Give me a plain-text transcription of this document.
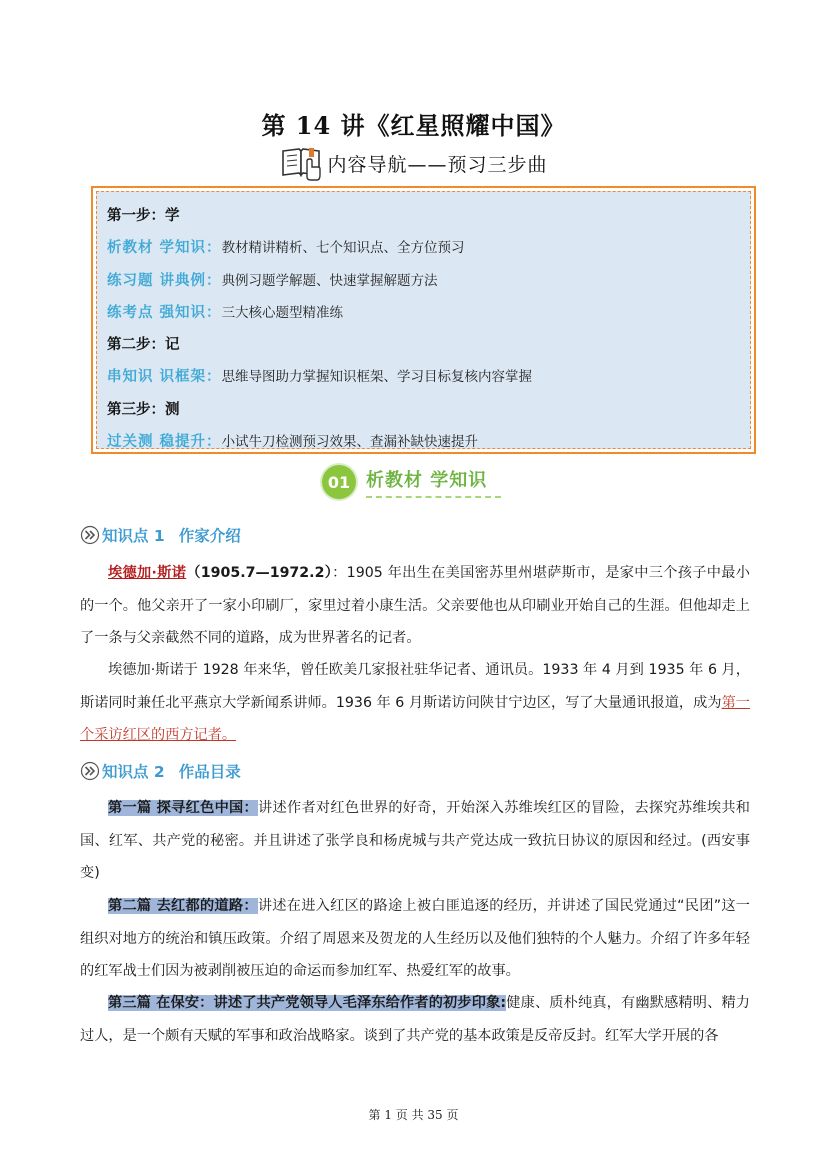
第 14 讲《红星照耀中国》
内容导航——预习三步曲
第一步：学
析教材 学知识：教材精讲精析、七个知识点、全方位预习
练习题 讲典例：典例习题学解题、快速掌握解题方法
练考点 强知识：三大核心题型精准练
第二步：记
串知识 识框架：思维导图助力掌握知识框架、学习目标复核内容掌握
第三步：测
过关测 稳提升：小试牛刀检测预习效果、查漏补缺快速提升
01 析教材 学知识
知识点 1 作家介绍
埃德加·斯诺（1905.7—1972.2）：1905 年出生在美国密苏里州堪萨斯市，是家中三个孩子中最小的一个。他父亲开了一家小印刷厂，家里过着小康生活。父亲要他也从印刷业开始自己的生涯。但他却走上了一条与父亲截然不同的道路，成为世界著名的记者。
埃德加·斯诺于 1928 年来华，曾任欧美几家报社驻华记者、通讯员。1933 年 4 月到 1935 年 6 月，斯诺同时兼任北平燕京大学新闻系讲师。1936 年 6 月斯诺访问陕甘宁边区，写了大量通讯报道，成为第一个采访红区的西方记者。
知识点 2 作品目录
第一篇 探寻红色中国：讲述作者对红色世界的好奇，开始深入苏维埃红区的冒险，去探究苏维埃共和国、红军、共产党的秘密。并且讲述了张学良和杨虎城与共产党达成一致抗日协议的原因和经过。(西安事变)
第二篇 去红都的道路：讲述在进入红区的路途上被白匪追逐的经历，并讲述了国民党通过“民团”这一组织对地方的统治和镇压政策。介绍了周恩来及贺龙的人生经历以及他们独特的个人魅力。介绍了许多年轻的红军战士们因为被剥削被压迫的命运而参加红军、热爱红军的故事。
第三篇 在保安：讲述了共产党领导人毛泽东给作者的初步印象:健康、质朴纯真，有幽默感精明、精力过人，是一个颇有天赋的军事和政治战略家。谈到了共产党的基本政策是反帝反封。红军大学开展的各
第 1 页 共 35 页
